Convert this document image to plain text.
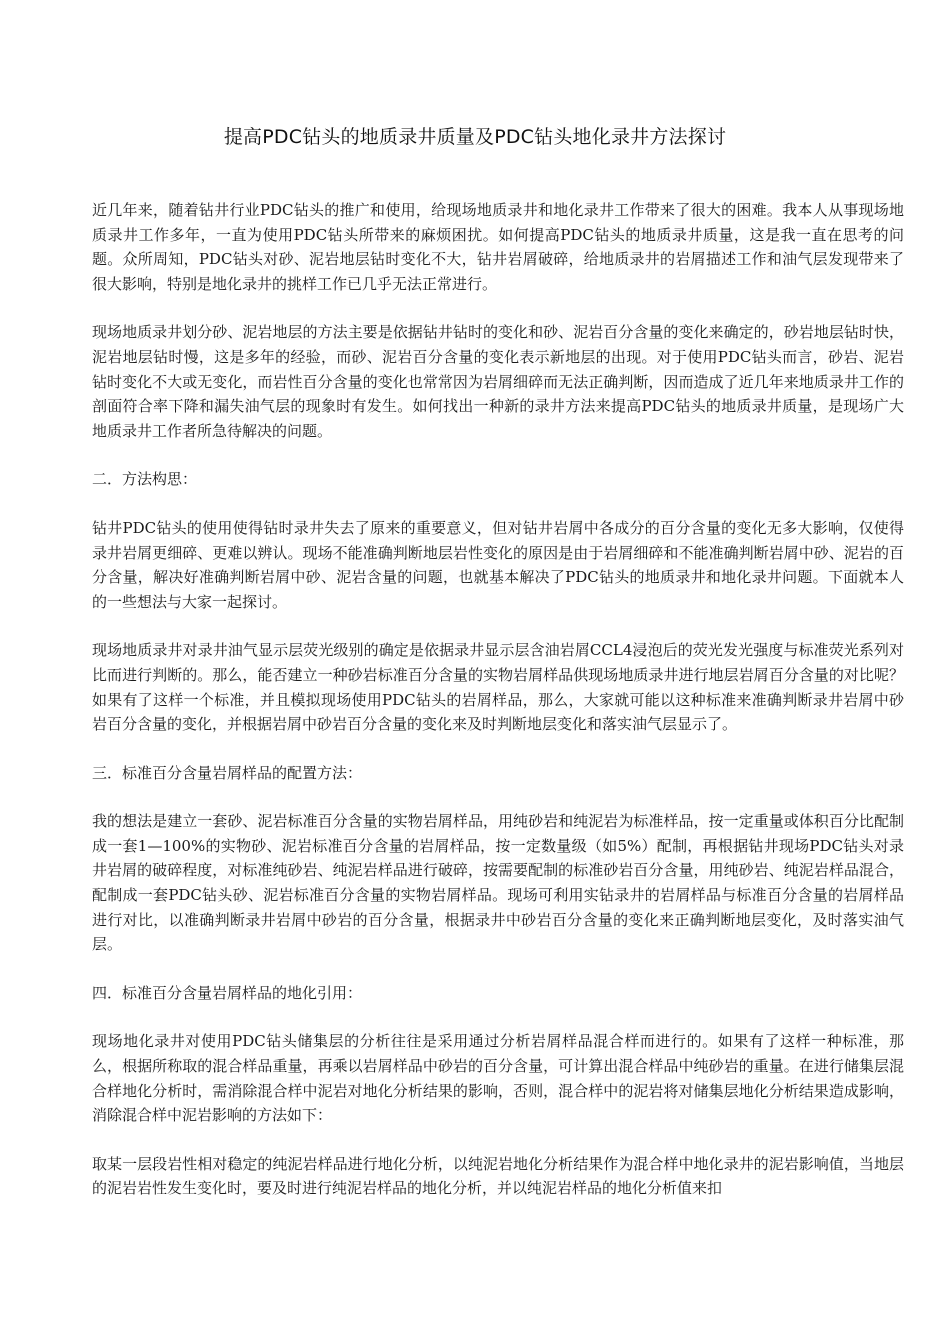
提高PDC钻头的地质录井质量及PDC钻头地化录井方法探讨

近几年来，随着钻井行业PDC钻头的推广和使用，给现场地质录井和地化录井工作带来了很大的困难。我本人从事现场地质录井工作多年，一直为使用PDC钻头所带来的麻烦困扰。如何提高PDC钻头的地质录井质量，这是我一直在思考的问题。众所周知，PDC钻头对砂、泥岩地层钻时变化不大，钻井岩屑破碎，给地质录井的岩屑描述工作和油气层发现带来了很大影响，特别是地化录井的挑样工作已几乎无法正常进行。

现场地质录井划分砂、泥岩地层的方法主要是依据钻井钻时的变化和砂、泥岩百分含量的变化来确定的，砂岩地层钻时快，泥岩地层钻时慢，这是多年的经验，而砂、泥岩百分含量的变化表示新地层的出现。对于使用PDC钻头而言，砂岩、泥岩钻时变化不大或无变化，而岩性百分含量的变化也常常因为岩屑细碎而无法正确判断，因而造成了近几年来地质录井工作的剖面符合率下降和漏失油气层的现象时有发生。如何找出一种新的录井方法来提高PDC钻头的地质录井质量，是现场广大地质录井工作者所急待解决的问题。

二．方法构思：

钻井PDC钻头的使用使得钻时录井失去了原来的重要意义，但对钻井岩屑中各成分的百分含量的变化无多大影响，仅使得录井岩屑更细碎、更难以辨认。现场不能准确判断地层岩性变化的原因是由于岩屑细碎和不能准确判断岩屑中砂、泥岩的百分含量，解决好准确判断岩屑中砂、泥岩含量的问题，也就基本解决了PDC钻头的地质录井和地化录井问题。下面就本人的一些想法与大家一起探讨。

现场地质录井对录井油气显示层荧光级别的确定是依据录井显示层含油岩屑CCL4浸泡后的荧光发光强度与标准荧光系列对比而进行判断的。那么，能否建立一种砂岩标准百分含量的实物岩屑样品供现场地质录井进行地层岩屑百分含量的对比呢？如果有了这样一个标准，并且模拟现场使用PDC钻头的岩屑样品，那么，大家就可能以这种标准来准确判断录井岩屑中砂岩百分含量的变化，并根据岩屑中砂岩百分含量的变化来及时判断地层变化和落实油气层显示了。

三．标准百分含量岩屑样品的配置方法：

我的想法是建立一套砂、泥岩标准百分含量的实物岩屑样品，用纯砂岩和纯泥岩为标准样品，按一定重量或体积百分比配制成一套1—100%的实物砂、泥岩标准百分含量的岩屑样品，按一定数量级（如5%）配制，再根据钻井现场PDC钻头对录井岩屑的破碎程度，对标准纯砂岩、纯泥岩样品进行破碎，按需要配制的标准砂岩百分含量，用纯砂岩、纯泥岩样品混合，配制成一套PDC钻头砂、泥岩标准百分含量的实物岩屑样品。现场可利用实钻录井的岩屑样品与标准百分含量的岩屑样品进行对比，以准确判断录井岩屑中砂岩的百分含量，根据录井中砂岩百分含量的变化来正确判断地层变化，及时落实油气层。

四．标准百分含量岩屑样品的地化引用：

现场地化录井对使用PDC钻头储集层的分析往往是采用通过分析岩屑样品混合样而进行的。如果有了这样一种标准，那么，根据所称取的混合样品重量，再乘以岩屑样品中砂岩的百分含量，可计算出混合样品中纯砂岩的重量。在进行储集层混合样地化分析时，需消除混合样中泥岩对地化分析结果的影响，否则，混合样中的泥岩将对储集层地化分析结果造成影响，消除混合样中泥岩影响的方法如下：

取某一层段岩性相对稳定的纯泥岩样品进行地化分析，以纯泥岩地化分析结果作为混合样中地化录井的泥岩影响值，当地层的泥岩岩性发生变化时，要及时进行纯泥岩样品的地化分析，并以纯泥岩样品的地化分析值来扣
